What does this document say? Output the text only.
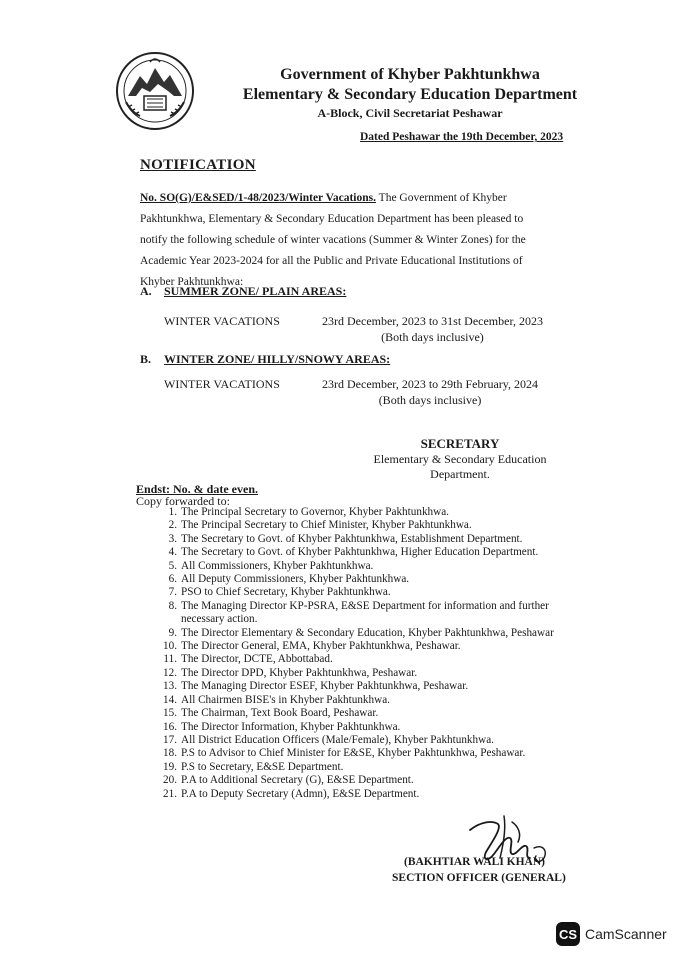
Government of Khyber Pakhtunkhwa
Elementary & Secondary Education Department
A-Block, Civil Secretariat Peshawar
Dated Peshawar the 19th December, 2023
NOTIFICATION
No. SO(G)/E&SED/1-48/2023/Winter Vacations. The Government of Khyber Pakhtunkhwa, Elementary & Secondary Education Department has been pleased to notify the following schedule of winter vacations (Summer & Winter Zones) for the Academic Year 2023-2024 for all the Public and Private Educational Institutions of Khyber Pakhtunkhwa:
A. SUMMER ZONE/ PLAIN AREAS:
WINTER VACATIONS	23rd December, 2023 to 31st December, 2023
(Both days inclusive)
B. WINTER ZONE/ HILLY/SNOWY AREAS:
WINTER VACATIONS	23rd December, 2023 to 29th February, 2024
(Both days inclusive)
SECRETARY
Elementary & Secondary Education
Department.
Endst: No. & date even.
Copy forwarded to:
1. The Principal Secretary to Governor, Khyber Pakhtunkhwa.
2. The Principal Secretary to Chief Minister, Khyber Pakhtunkhwa.
3. The Secretary to Govt. of Khyber Pakhtunkhwa, Establishment Department.
4. The Secretary to Govt. of Khyber Pakhtunkhwa, Higher Education Department.
5. All Commissioners, Khyber Pakhtunkhwa.
6. All Deputy Commissioners, Khyber Pakhtunkhwa.
7. PSO to Chief Secretary, Khyber Pakhtunkhwa.
8. The Managing Director KP-PSRA, E&SE Department for information and further necessary action.
9. The Director Elementary & Secondary Education, Khyber Pakhtunkhwa, Peshawar
10. The Director General, EMA, Khyber Pakhtunkhwa, Peshawar.
11. The Director, DCTE, Abbottabad.
12. The Director DPD, Khyber Pakhtunkhwa, Peshawar.
13. The Managing Director ESEF, Khyber Pakhtunkhwa, Peshawar.
14. All Chairmen BISE's in Khyber Pakhtunkhwa.
15. The Chairman, Text Book Board, Peshawar.
16. The Director Information, Khyber Pakhtunkhwa.
17. All District Education Officers (Male/Female), Khyber Pakhtunkhwa.
18. P.S to Advisor to Chief Minister for E&SE, Khyber Pakhtunkhwa, Peshawar.
19. P.S to Secretary, E&SE Department.
20. P.A to Additional Secretary (G), E&SE Department.
21. P.A to Deputy Secretary (Admn), E&SE Department.
(BAKHTIAR WALI KHAN)
SECTION OFFICER (GENERAL)
CS CamScanner
